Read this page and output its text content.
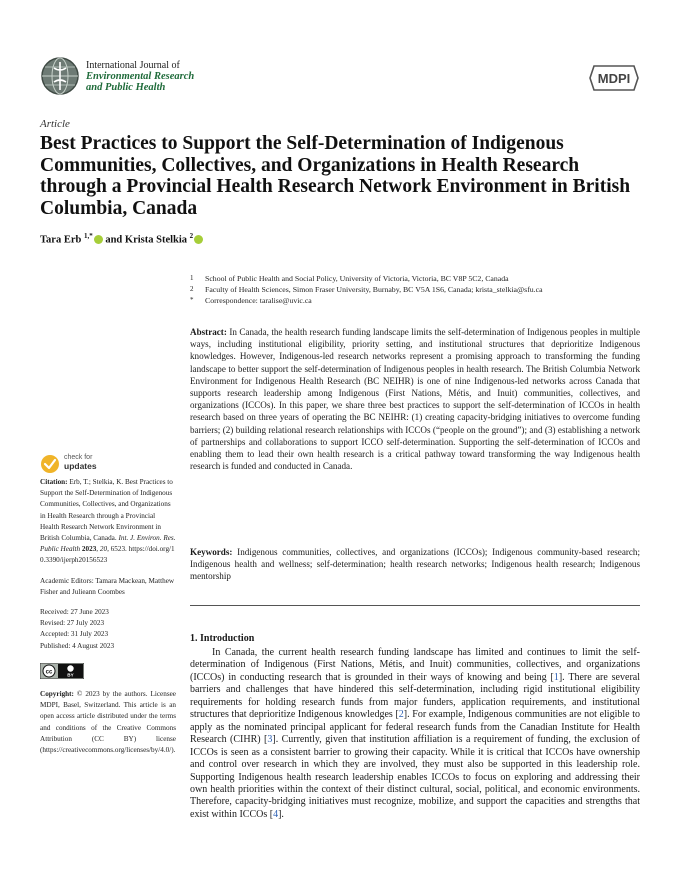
International Journal of
Environmental Research
and Public Health
MDPI
Article
Best Practices to Support the Self-Determination of Indigenous Communities, Collectives, and Organizations in Health Research through a Provincial Health Research Network Environment in British Columbia, Canada
Tara Erb $^{1,*}$ and Krista Stelkia $^2$
1 School of Public Health and Social Policy, University of Victoria, Victoria, BC V8P 5C2, Canada
2 Faculty of Health Sciences, Simon Fraser University, Burnaby, BC V5A 1S6, Canada; krista_stelkia@sfu.ca
* Correspondence: taralise@uvic.ca
Abstract: In Canada, the health research funding landscape limits the self-determination of Indigenous peoples in multiple ways, including institutional eligibility, priority setting, and institutional structures that deprioritize Indigenous knowledges. However, Indigenous-led research networks represent a promising approach to transforming the funding landscape to better support the self-determination of Indigenous peoples in health research. The British Columbia Network Environment for Indigenous Health Research (BC NEIHR) is one of nine Indigenous-led networks across Canada that supports research leadership among Indigenous (First Nations, Métis, and Inuit) communities, collectives, and organizations (ICCOs). In this paper, we share three best practices to support the self-determination of ICCOs in health research based on three years of operating the BC NEIHR: (1) creating capacity-bridging initiatives to overcome funding barriers; (2) building relational research relationships with ICCOs (“people on the ground”); and (3) establishing a network of partnerships and collaborations to support ICCO self-determination. Supporting the self-determination of ICCOs and enabling them to lead their own health research is a critical pathway toward transforming the way Indigenous health research is funded and conducted in Canada.
Keywords: Indigenous communities, collectives, and organizations (ICCOs); Indigenous community-based research; Indigenous health and wellness; self-determination; health research networks; Indigenous health research; Indigenous mentorship
1. Introduction

In Canada, the current health research funding landscape has limited and continues to limit the self-determination of Indigenous (First Nations, Métis, and Inuit) communities, collectives, and organizations (ICCOs) in conducting research that is grounded in their ways of knowing and being [1]. There are several barriers and challenges that have hindered this self-determination, including rigid institutional eligibility requirements for holding research funds from major funders, application requirements, and institutional structures that deprioritize Indigenous knowledges [2]. For example, Indigenous communities are not eligible to apply as the nominated principal applicant for federal research funds from the Canadian Institute for Health Research (CIHR) [3]. Currently, given that institution affiliation is a requirement of funding, the exclusion of ICCOs is seen as a consistent barrier to growing their capacity. While it is critical that ICCOs have ownership and control over research in which they are involved, they must also be supported in this leadership role. Supporting Indigenous health research leadership enables ICCOs to focus on exploring and addressing their own health priorities within the context of their distinct cultural, social, political, and economic environments. Therefore, capacity-bridging initiatives must recognize, mobilize, and support the capacities and strengths that exist within ICCOs [4].

check for
updates
Citation: Erb, T.; Stelkia, K. Best Practices to Support the Self-Determination of Indigenous Communities, Collectives, and Organizations in Health Research through a Provincial Health Research Network Environment in British Columbia, Canada. Int. J. Environ. Res. Public Health 2023, 20, 6523. https://doi.org/10.3390/ijerph20156523
Academic Editors: Tamara Mackean, Matthew Fisher and Julieann Coombes

Received: 27 June 2023

Revised: 27 July 2023

Accepted: 31 July 2023

Published: 4 August 2023

cc	BY
Copyright: © 2023 by the authors. Licensee MDPI, Basel, Switzerland. This article is an open access article distributed under the terms and conditions of the Creative Commons Attribution (CC BY) license (https://creativecommons.org/licenses/by/4.0/).
